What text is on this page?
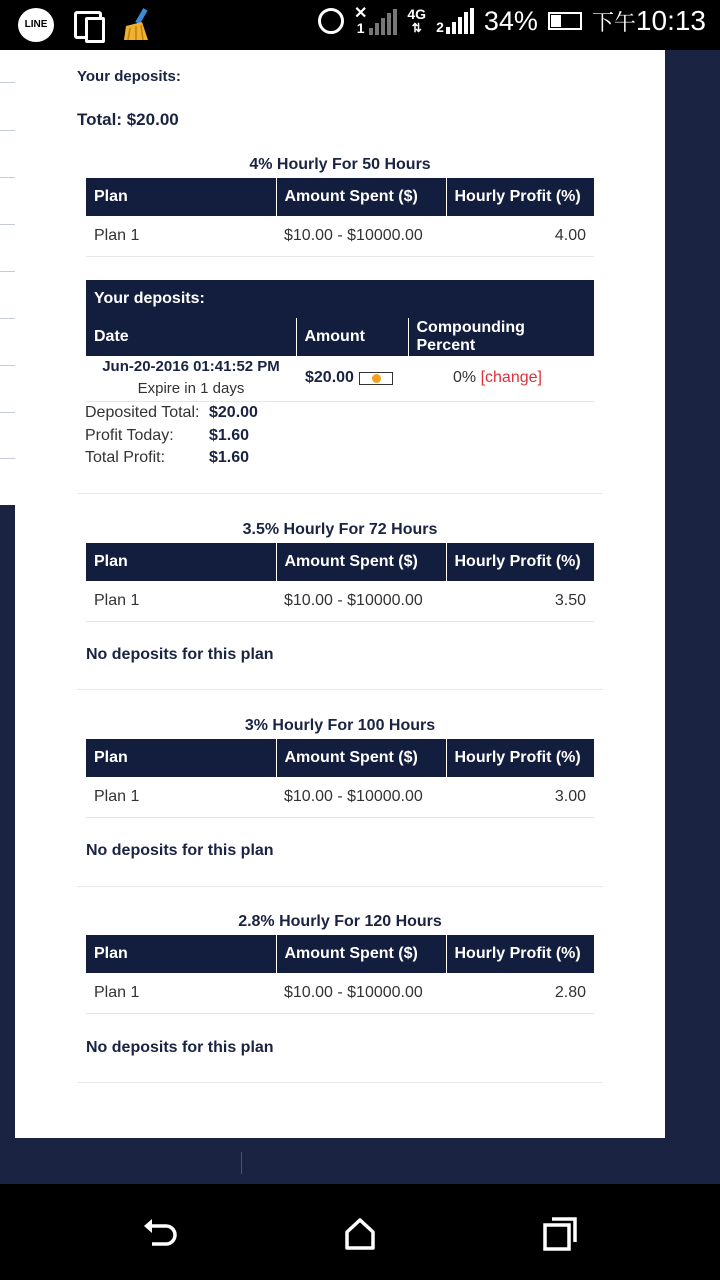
LINE
✕
1
4G
⇅ 2 34% 下午10:13
Your deposits:
Total: $20.00
4% Hourly For 50 Hours
Plan	Amount Spent ($)	Hourly Profit (%)
Plan 1	$10.00 - $10000.00	4.00
Your deposits:
Date	Amount	Compounding Percent
Jun-20-2016 01:41:52 PM
Expire in 1 days
$20.00	0% [change]
Deposited Total: $20.00
Profit Today: $1.60
Total Profit:	$1.60
3.5% Hourly For 72 Hours
Plan	Amount Spent ($)	Hourly Profit (%)
Plan 1	$10.00 - $10000.00	3.50
No deposits for this plan
3% Hourly For 100 Hours
Plan	Amount Spent ($)	Hourly Profit (%)
Plan 1	$10.00 - $10000.00	3.00
No deposits for this plan
2.8% Hourly For 120 Hours
Plan	Amount Spent ($)	Hourly Profit (%)
Plan 1	$10.00 - $10000.00	2.80
No deposits for this plan
